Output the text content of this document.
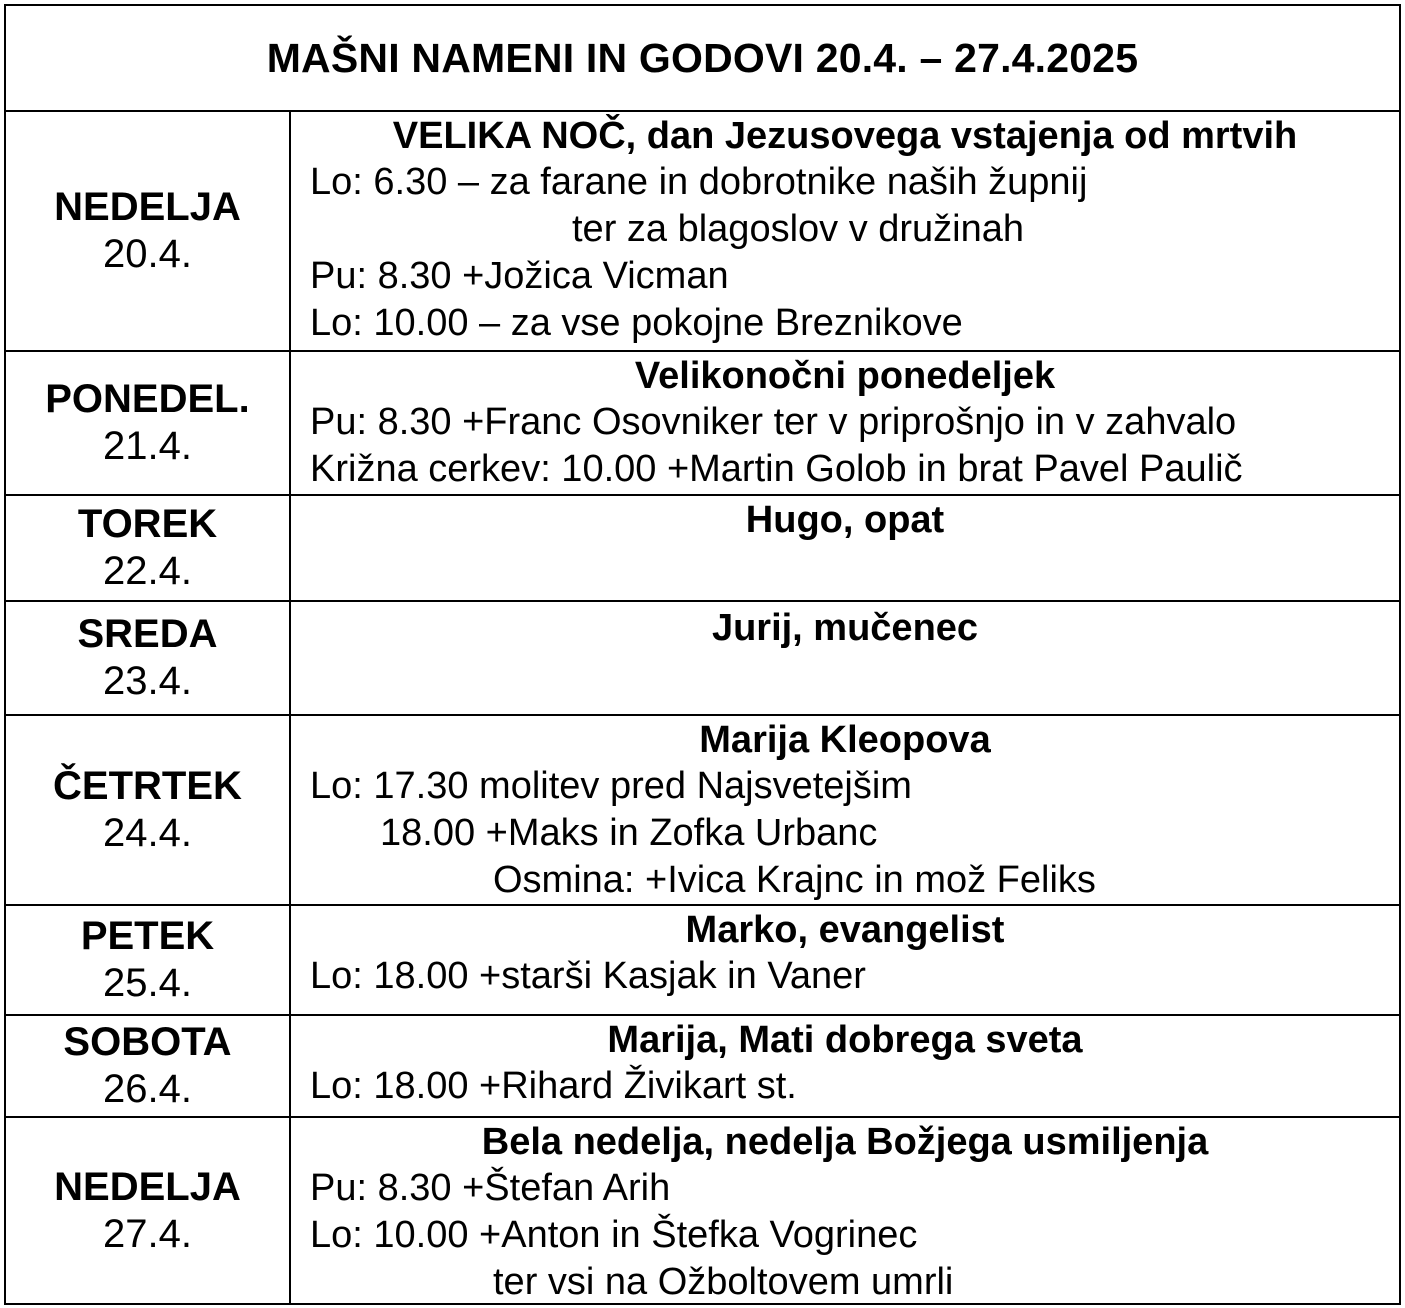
MAŠNI NAMENI IN GODOVI 20.4. – 27.4.2025
NEDELJA
20.4.
VELIKA NOČ, dan Jezusovega vstajenja od mrtvih
Lo: 6.30 – za farane in dobrotnike naših župnij
ter za blagoslov v družinah
Pu: 8.30 +Jožica Vicman
Lo: 10.00 – za vse pokojne Breznikove
PONEDEL.
21.4.
Velikonočni ponedeljek
Pu: 8.30 +Franc Osovniker ter v priprošnjo in v zahvalo
Križna cerkev: 10.00 +Martin Golob in brat Pavel Paulič
TOREK
22.4.
Hugo, opat
SREDA
23.4.
Jurij, mučenec
ČETRTEK
24.4.
Marija Kleopova
Lo: 17.30 molitev pred Najsvetejšim
18.00 +Maks in Zofka Urbanc
Osmina: +Ivica Krajnc in mož Feliks
PETEK
25.4.
Marko, evangelist
Lo: 18.00 +starši Kasjak in Vaner
SOBOTA
26.4.
Marija, Mati dobrega sveta
Lo: 18.00 +Rihard Živikart st.
NEDELJA
27.4.
Bela nedelja, nedelja Božjega usmiljenja
Pu: 8.30 +Štefan Arih
Lo: 10.00 +Anton in Štefka Vogrinec
ter vsi na Ožboltovem umrli
